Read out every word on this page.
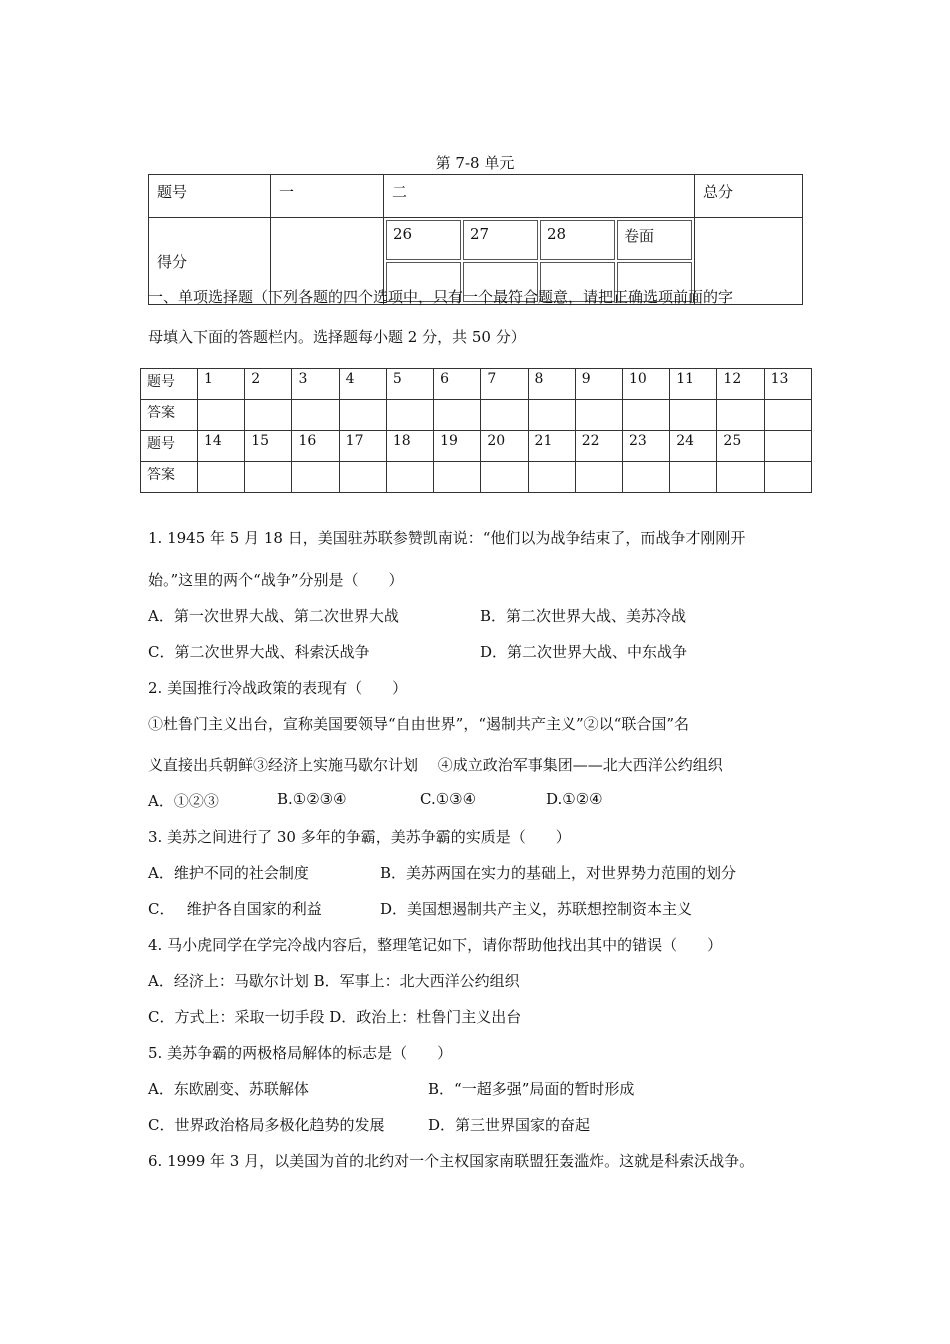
第 7-8 单元
题号	一	二	总分
得分		
26	27	28	卷面

一、单项选择题（下列各题的四个选项中，只有一个最符合题意，请把正确选项前面的字
母填入下面的答题栏内。选择题每小题 2 分，共 50 分）
题号	1	2	3	4	5	6	7	8	9	10	11	12	13
答案													
题号	14	15	16	17	18	19	20	21	22	23	24	25	
答案													
1. 1945 年 5 月 18 日，美国驻苏联参赞凯南说：“他们以为战争结束了，而战争才刚刚开
始。”这里的两个“战争”分别是（　　）
A．第一次世界大战、第二次世界大战	B．第二次世界大战、美苏冷战
C．第二次世界大战、科索沃战争	D．第二次世界大战、中东战争
2. 美国推行冷战政策的表现有（　　）
①杜鲁门主义出台，宣称美国要领导“自由世界”，“遏制共产主义”②以“联合国”名
义直接出兵朝鲜③经济上实施马歇尔计划　 ④成立政治军事集团——北大西洋公约组织
A．①②③	B.①②③④	C.①③④	D.①②④
3. 美苏之间进行了 30 多年的争霸，美苏争霸的实质是（　　）
A．维护不同的社会制度	B．美苏两国在实力的基础上，对世界势力范围的划分
C．　 维护各自国家的利益	D．美国想遏制共产主义，苏联想控制资本主义
4. 马小虎同学在学完冷战内容后，整理笔记如下，请你帮助他找出其中的错误（　　）
A．经济上：马歇尔计划 B．军事上：北大西洋公约组织
C．方式上：采取一切手段 D．政治上：杜鲁门主义出台
5. 美苏争霸的两极格局解体的标志是（　　）
A．东欧剧变、苏联解体	B．“一超多强”局面的暂时形成
C．世界政治格局多极化趋势的发展	D．第三世界国家的奋起
6. 1999 年 3 月，以美国为首的北约对一个主权国家南联盟狂轰滥炸。这就是科索沃战争。
